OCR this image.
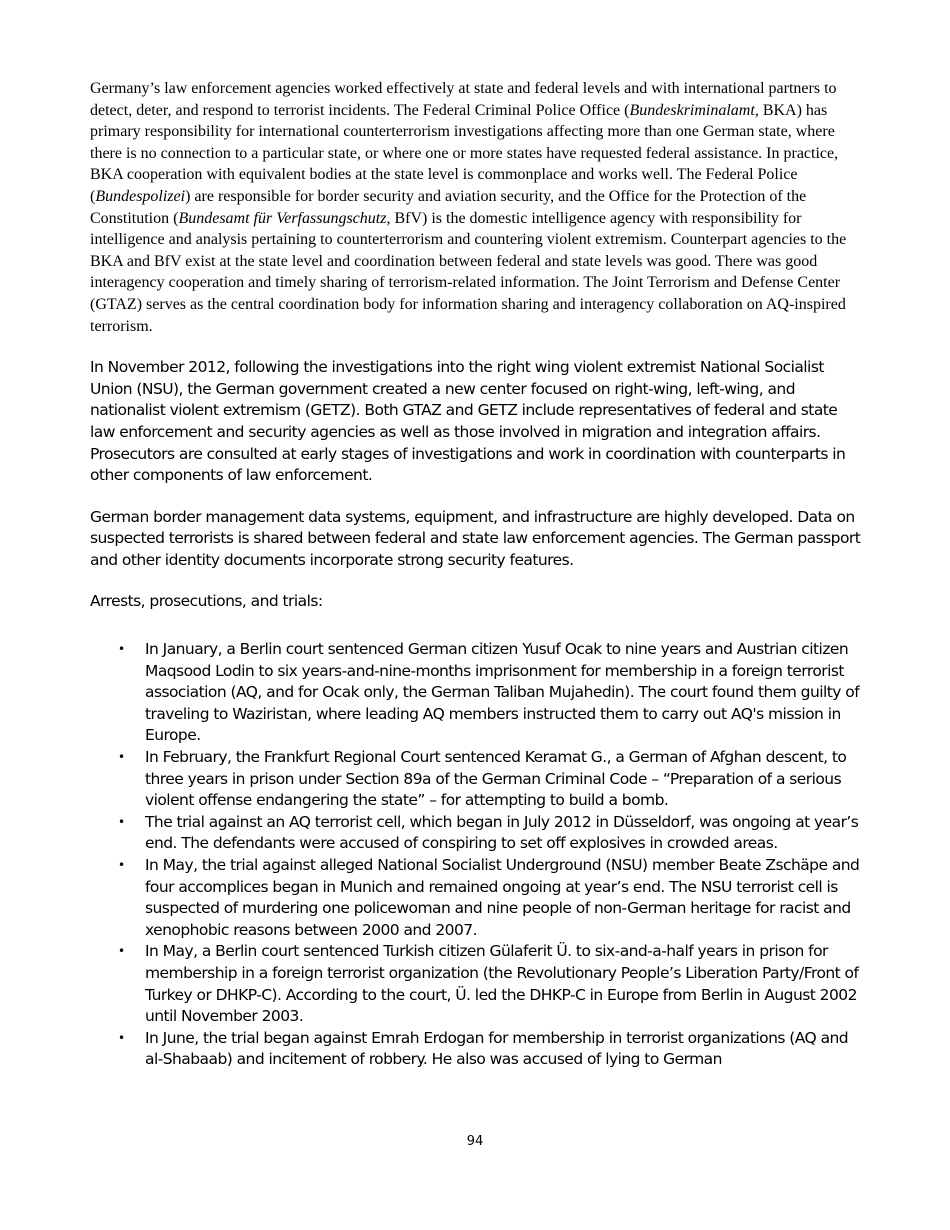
Germany’s law enforcement agencies worked effectively at state and federal levels and with international partners to detect, deter, and respond to terrorist incidents. The Federal Criminal Police Office (Bundeskriminalamt, BKA) has primary responsibility for international counterterrorism investigations affecting more than one German state, where there is no connection to a particular state, or where one or more states have requested federal assistance. In practice, BKA cooperation with equivalent bodies at the state level is commonplace and works well. The Federal Police (Bundespolizei) are responsible for border security and aviation security, and the Office for the Protection of the Constitution (Bundesamt für Verfassungschutz, BfV) is the domestic intelligence agency with responsibility for intelligence and analysis pertaining to counterterrorism and countering violent extremism. Counterpart agencies to the BKA and BfV exist at the state level and coordination between federal and state levels was good. There was good interagency cooperation and timely sharing of terrorism-related information. The Joint Terrorism and Defense Center (GTAZ) serves as the central coordination body for information sharing and interagency collaboration on AQ-inspired terrorism.

In November 2012, following the investigations into the right wing violent extremist National Socialist Union (NSU), the German government created a new center focused on right-wing, left-wing, and nationalist violent extremism (GETZ). Both GTAZ and GETZ include representatives of federal and state law enforcement and security agencies as well as those involved in migration and integration affairs. Prosecutors are consulted at early stages of investigations and work in coordination with counterparts in other components of law enforcement.

German border management data systems, equipment, and infrastructure are highly developed. Data on suspected terrorists is shared between federal and state law enforcement agencies. The German passport and other identity documents incorporate strong security features.

Arrests, prosecutions, and trials:

• In January, a Berlin court sentenced German citizen Yusuf Ocak to nine years and Austrian citizen Maqsood Lodin to six years-and-nine-months imprisonment for membership in a foreign terrorist association (AQ, and for Ocak only, the German Taliban Mujahedin). The court found them guilty of traveling to Waziristan, where leading AQ members instructed them to carry out AQ's mission in Europe.
• In February, the Frankfurt Regional Court sentenced Keramat G., a German of Afghan descent, to three years in prison under Section 89a of the German Criminal Code – “Preparation of a serious violent offense endangering the state” – for attempting to build a bomb.
• The trial against an AQ terrorist cell, which began in July 2012 in Düsseldorf, was ongoing at year’s end. The defendants were accused of conspiring to set off explosives in crowded areas.
• In May, the trial against alleged National Socialist Underground (NSU) member Beate Zschäpe and four accomplices began in Munich and remained ongoing at year’s end. The NSU terrorist cell is suspected of murdering one policewoman and nine people of non-German heritage for racist and xenophobic reasons between 2000 and 2007.
• In May, a Berlin court sentenced Turkish citizen Gülaferit Ü. to six-and-a-half years in prison for membership in a foreign terrorist organization (the Revolutionary People’s Liberation Party/Front of Turkey or DHKP-C). According to the court, Ü. led the DHKP-C in Europe from Berlin in August 2002 until November 2003.
• In June, the trial began against Emrah Erdogan for membership in terrorist organizations (AQ and al-Shabaab) and incitement of robbery. He also was accused of lying to German
94
